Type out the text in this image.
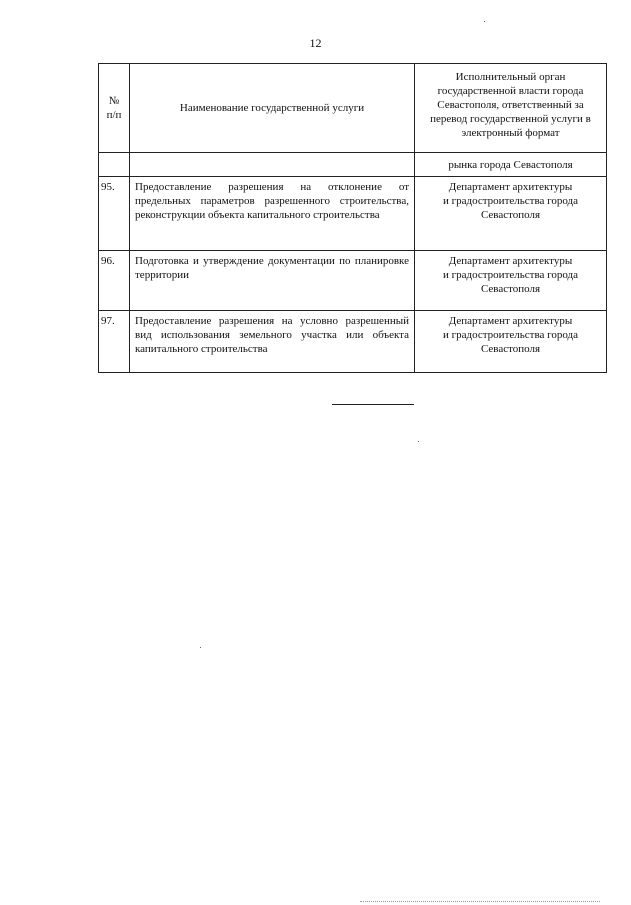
12
№
п/п	Наименование государственной услуги	Исполнительный орган государственной власти города Севастополя, ответственный за перевод государственной услуги в электронный формат
		рынка города Севастополя
95.	Предоставление разрешения на отклонение от предельных параметров разрешенного строительства, реконструкции объекта капитального строительства	Департамент архитектуры
и градостроительства города
Севастополя
96.	Подготовка и утверждение документации по планировке территории	Департамент архитектуры
и градостроительства города
Севастополя
97.	Предоставление разрешения на условно разрешенный вид использования земельного участка или объекта капитального строительства	Департамент архитектуры
и градостроительства города
Севастополя
